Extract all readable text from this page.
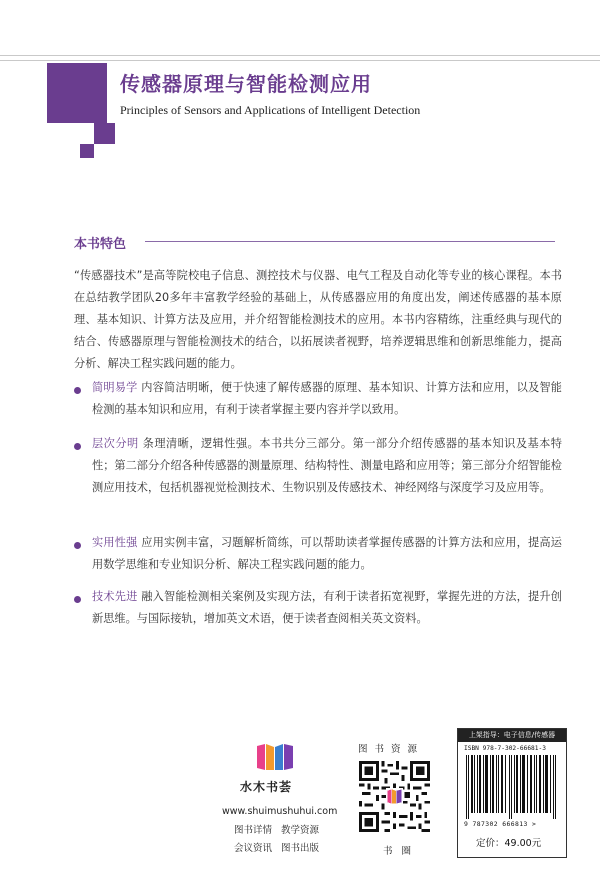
传感器原理与智能检测应用
Principles of Sensors and Applications of Intelligent Detection
本书特色
“传感器技术”是高等院校电子信息、测控技术与仪器、电气工程及自动化等专业的核心课程。本书在总结教学团队20多年丰富教学经验的基础上，从传感器应用的角度出发，阐述传感器的基本原理、基本知识、计算方法及应用，并介绍智能检测技术的应用。本书内容精练，注重经典与现代的结合、传感器原理与智能检测技术的结合，以拓展读者视野，培养逻辑思维和创新思维能力，提高分析、解决工程实践问题的能力。
简明易学 内容简洁明晰，便于快速了解传感器的原理、基本知识、计算方法和应用，以及智能检测的基本知识和应用，有利于读者掌握主要内容并学以致用。
层次分明 条理清晰，逻辑性强。本书共分三部分。第一部分介绍传感器的基本知识及基本特性；第二部分介绍各种传感器的测量原理、结构特性、测量电路和应用等；第三部分介绍智能检测应用技术，包括机器视觉检测技术、生物识别及传感技术、神经网络与深度学习及应用等。
实用性强 应用实例丰富，习题解析简练，可以帮助读者掌握传感器的计算方法和应用，提高运用数学思维和专业知识分析、解决工程实践问题的能力。
技术先进 融入智能检测相关案例及实现方法，有利于读者拓宽视野，掌握先进的方法，提升创新思维。与国际接轨，增加英文术语，便于读者查阅相关英文资料。
水木书荟
www.shuimushuhui.com
图书详情 教学资源
会议资讯 图书出版
图书资源
书圈
上架指导：电子信息/传感器
ISBN 978-7-302-66681-3
9 787302 666813 >
定价：49.00元
